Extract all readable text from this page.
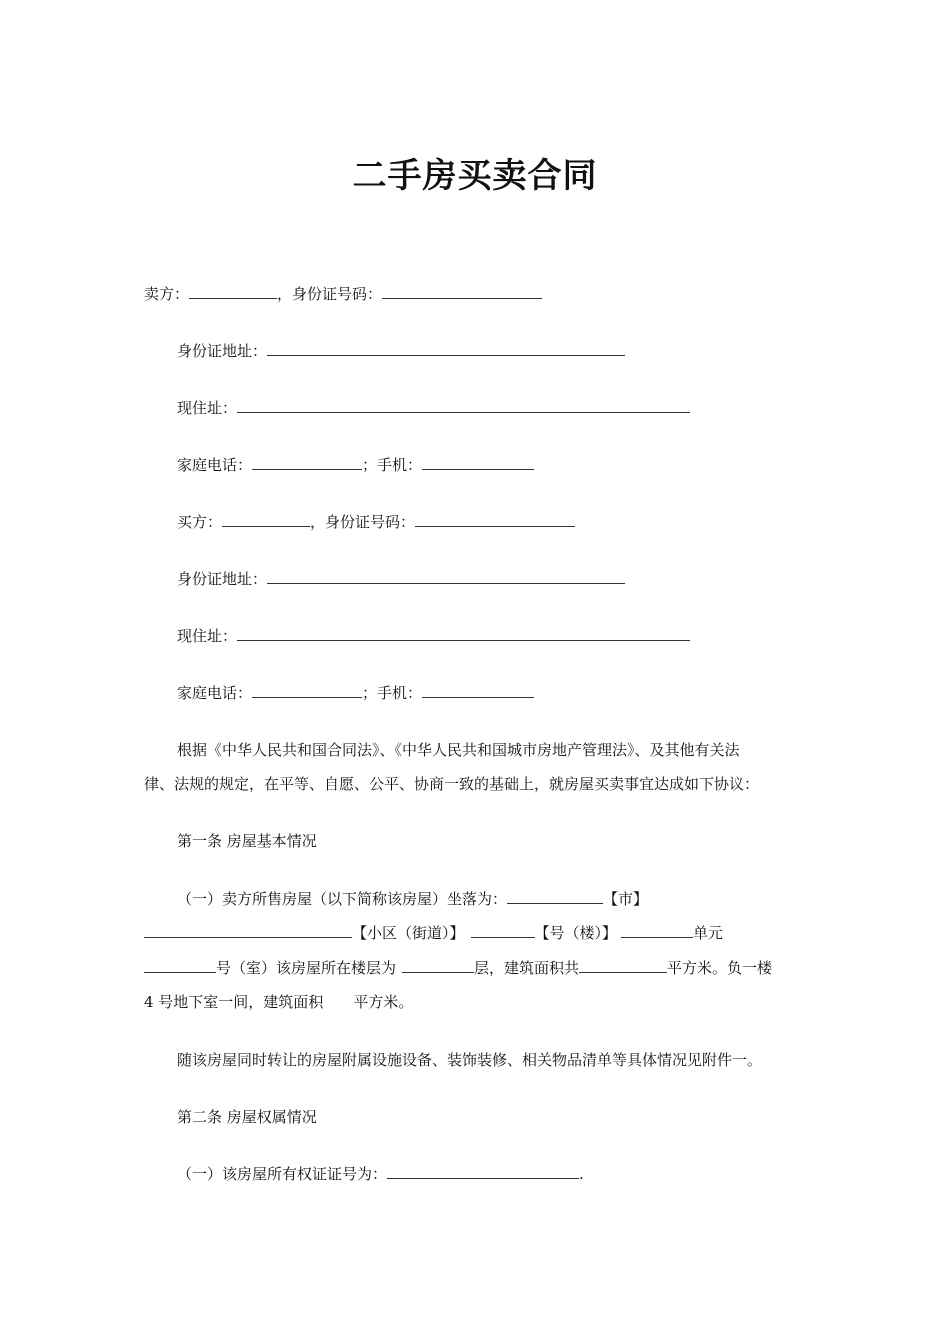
二手房买卖合同
卖方：	，身份证号码：
身份证地址：
现住址：
家庭电话：	；手机：
买方：	，身份证号码：
身份证地址：
现住址：
家庭电话：	；手机：
根据《中华人民共和国合同法》、《中华人民共和国城市房地产管理法》、及其他有关法
律、法规的规定，在平等、自愿、公平、协商一致的基础上，就房屋买卖事宜达成如下协议：
第一条 房屋基本情况
（一）卖方所售房屋（以下简称该房屋）坐落为：	【市】
【小区（街道）】	【号（楼）】	单元
号（室）该房屋所在楼层为	层，建筑面积共	平方米。负一楼
4 号地下室一间，建筑面积 平方米。
随该房屋同时转让的房屋附属设施设备、装饰装修、相关物品清单等具体情况见附件一。
第二条 房屋权属情况
（一）该房屋所有权证证号为：	.
